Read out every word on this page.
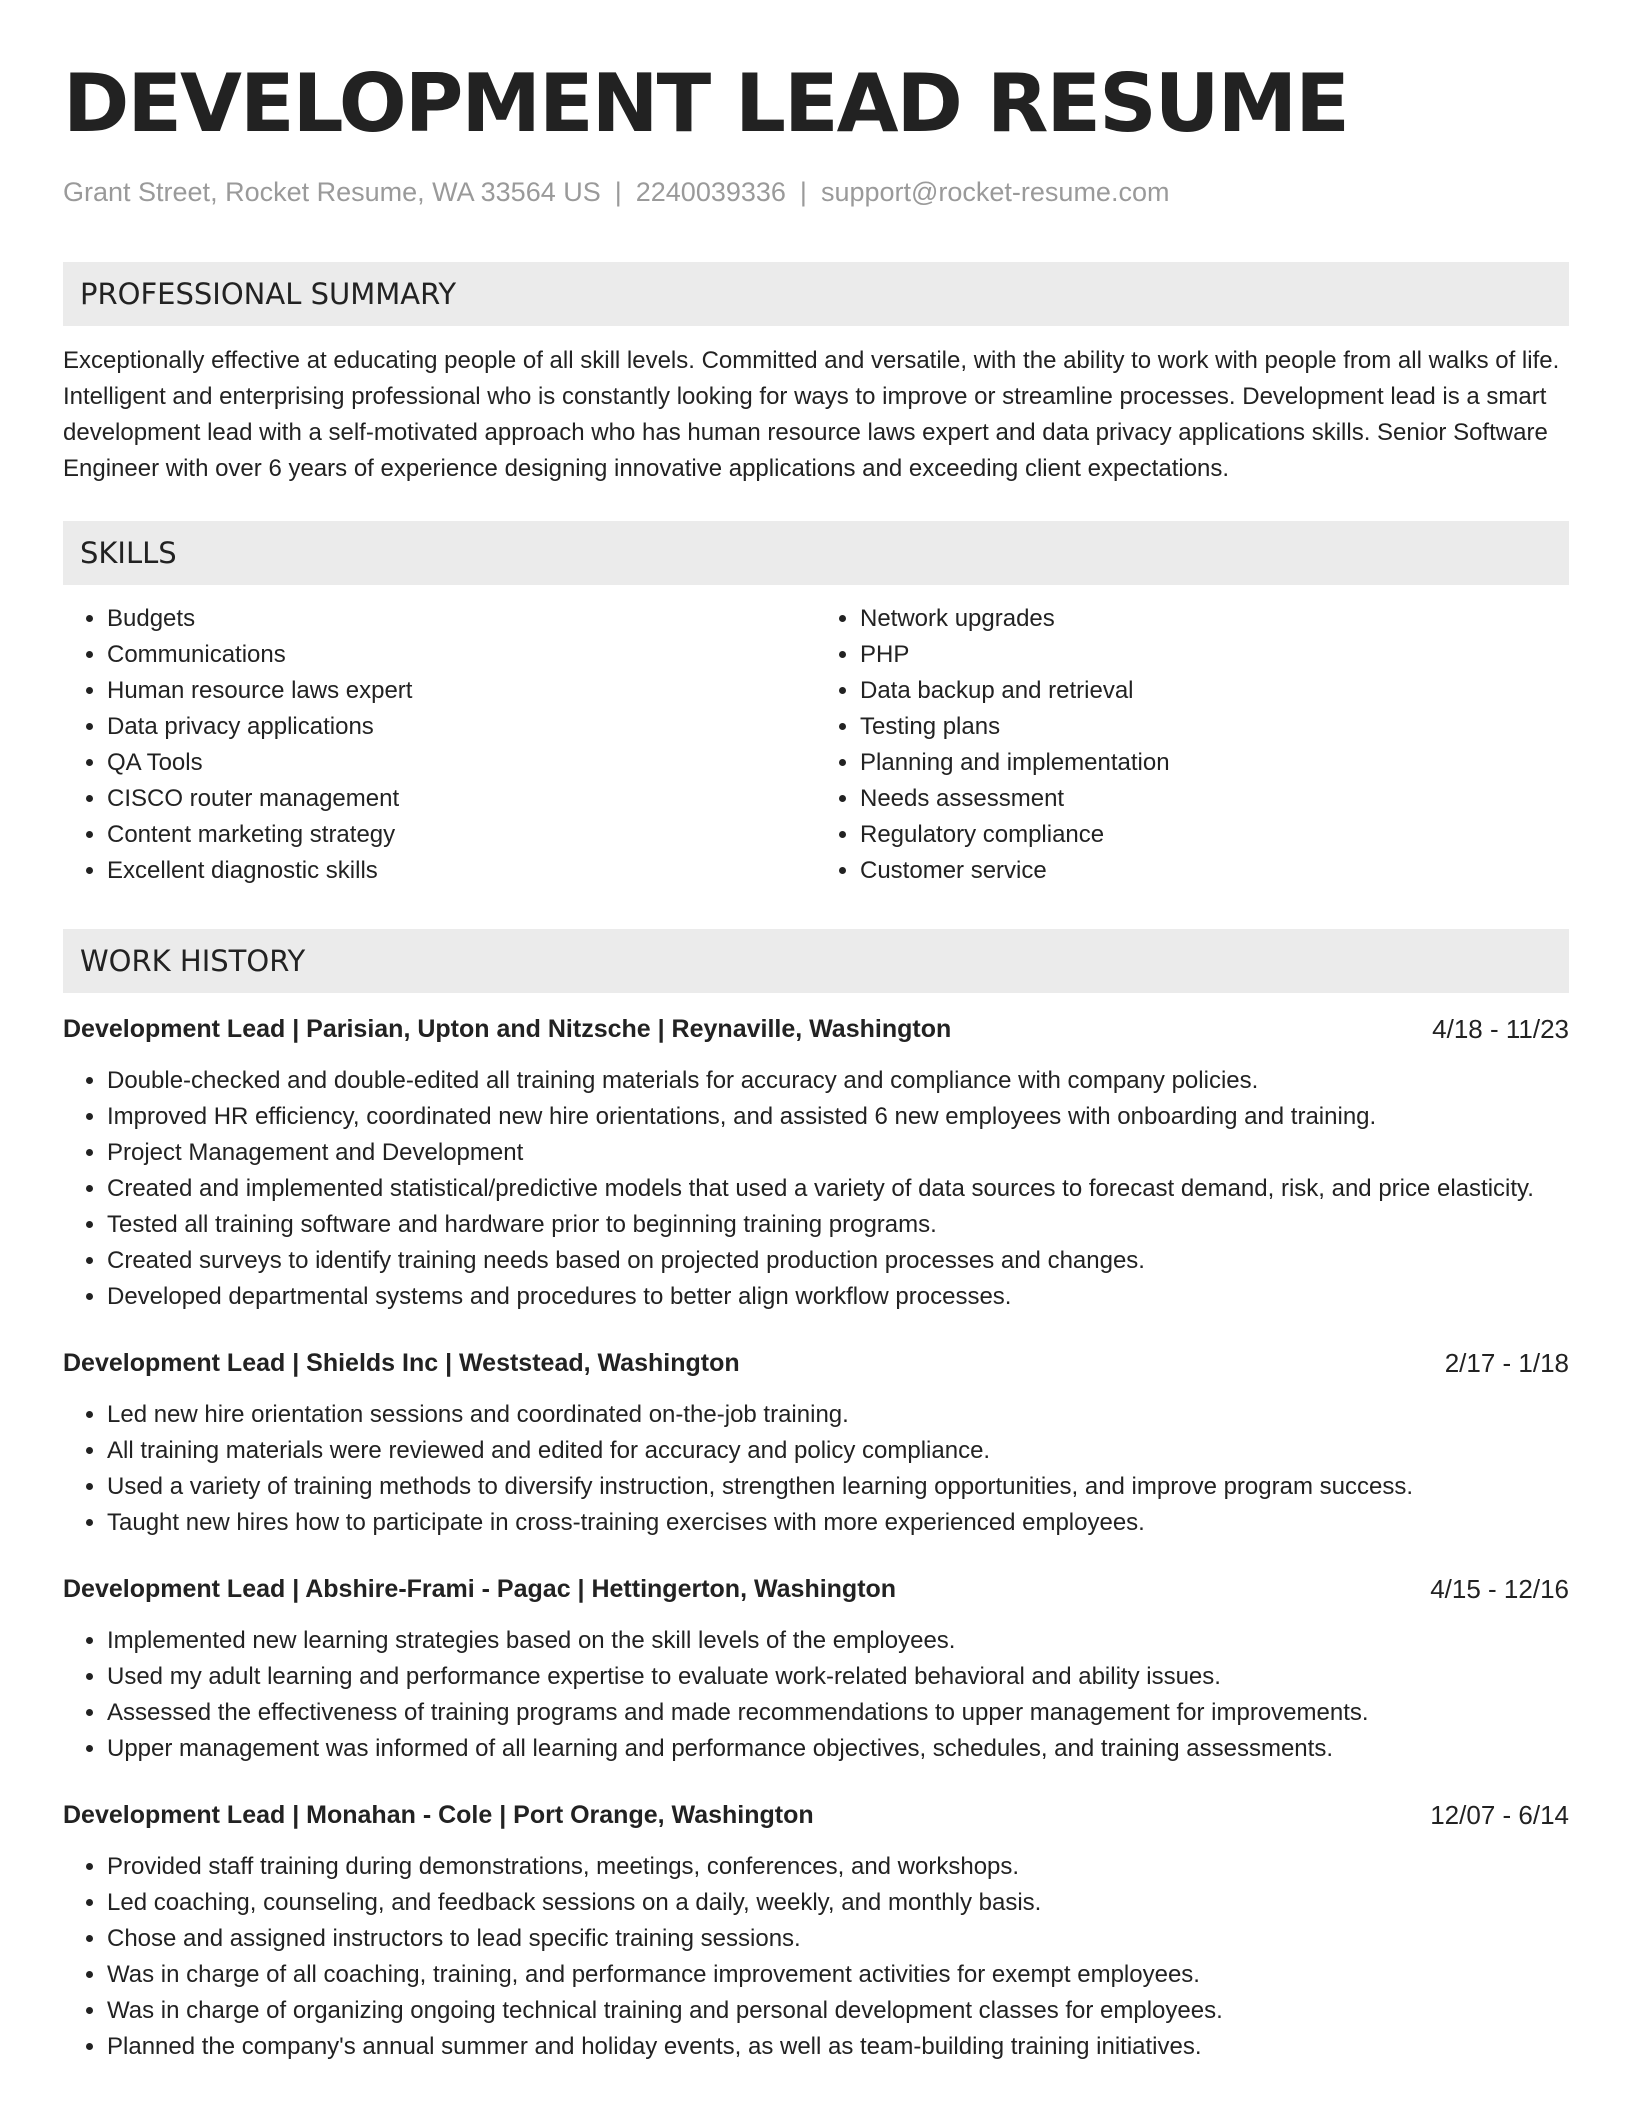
DEVELOPMENT LEAD RESUME
Grant Street, Rocket Resume, WA 33564 US | 2240039336 | support@rocket-resume.com
PROFESSIONAL SUMMARY
Exceptionally effective at educating people of all skill levels. Committed and versatile, with the ability to work with people from all walks of life. Intelligent and enterprising professional who is constantly looking for ways to improve or streamline processes. Development lead is a smart development lead with a self-motivated approach who has human resource laws expert and data privacy applications skills. Senior Software Engineer with over 6 years of experience designing innovative applications and exceeding client expectations.
SKILLS
• Budgets
• Communications
• Human resource laws expert
• Data privacy applications
• QA Tools
• CISCO router management
• Content marketing strategy
• Excellent diagnostic skills
• Network upgrades
• PHP
• Data backup and retrieval
• Testing plans
• Planning and implementation
• Needs assessment
• Regulatory compliance
• Customer service
WORK HISTORY
Development Lead | Parisian, Upton and Nitzsche | Reynaville, Washington	4/18 - 11/23
• Double-checked and double-edited all training materials for accuracy and compliance with company policies.
• Improved HR efficiency, coordinated new hire orientations, and assisted 6 new employees with onboarding and training.
• Project Management and Development
• Created and implemented statistical/predictive models that used a variety of data sources to forecast demand, risk, and price elasticity.
• Tested all training software and hardware prior to beginning training programs.
• Created surveys to identify training needs based on projected production processes and changes.
• Developed departmental systems and procedures to better align workflow processes.
Development Lead | Shields Inc | Weststead, Washington	2/17 - 1/18
• Led new hire orientation sessions and coordinated on-the-job training.
• All training materials were reviewed and edited for accuracy and policy compliance.
• Used a variety of training methods to diversify instruction, strengthen learning opportunities, and improve program success.
• Taught new hires how to participate in cross-training exercises with more experienced employees.
Development Lead | Abshire-Frami - Pagac | Hettingerton, Washington	4/15 - 12/16
• Implemented new learning strategies based on the skill levels of the employees.
• Used my adult learning and performance expertise to evaluate work-related behavioral and ability issues.
• Assessed the effectiveness of training programs and made recommendations to upper management for improvements.
• Upper management was informed of all learning and performance objectives, schedules, and training assessments.
Development Lead | Monahan - Cole | Port Orange, Washington	12/07 - 6/14
• Provided staff training during demonstrations, meetings, conferences, and workshops.
• Led coaching, counseling, and feedback sessions on a daily, weekly, and monthly basis.
• Chose and assigned instructors to lead specific training sessions.
• Was in charge of all coaching, training, and performance improvement activities for exempt employees.
• Was in charge of organizing ongoing technical training and personal development classes for employees.
• Planned the company's annual summer and holiday events, as well as team-building training initiatives.
